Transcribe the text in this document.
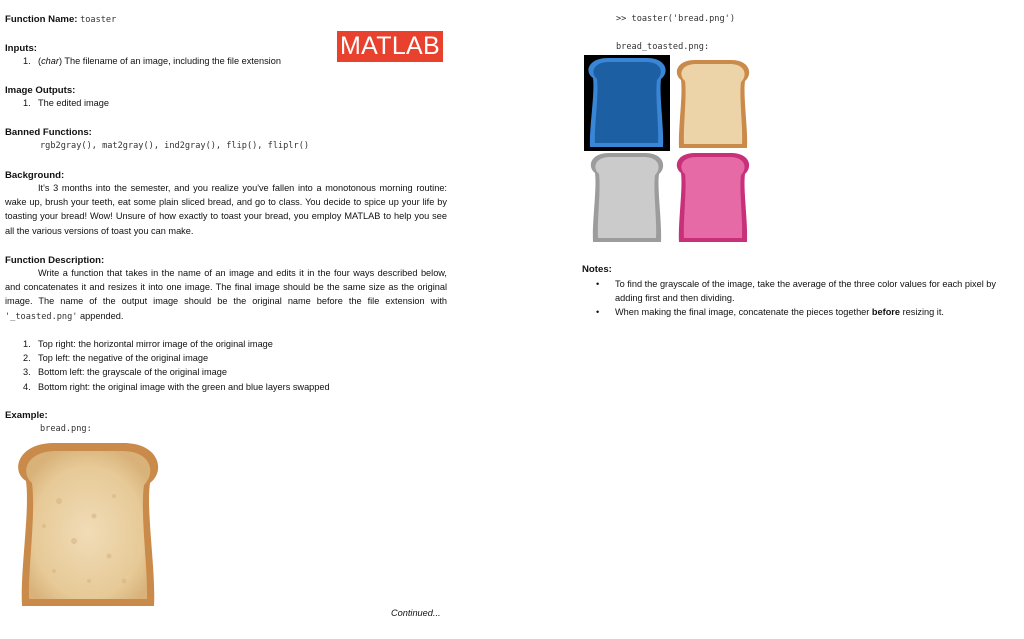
Function Name: toaster
MATLAB
Inputs:
1. (char) The filename of an image, including the file extension
Image Outputs:
1. The edited image
Banned Functions:
rgb2gray(), mat2gray(), ind2gray(), flip(), fliplr()
Background:
It's 3 months into the semester, and you realize you've fallen into a monotonous morning routine: wake up, brush your teeth, eat some plain sliced bread, and go to class. You decide to spice up your life by toasting your bread! Wow! Unsure of how exactly to toast your bread, you employ MATLAB to help you see all the various versions of toast you can make.
Function Description:
Write a function that takes in the name of an image and edits it in the four ways described below, and concatenates it and resizes it into one image. The final image should be the same size as the original image. The name of the output image should be the original name before the file extension with '_toasted.png' appended.
1. Top right: the horizontal mirror image of the original image
2. Top left: the negative of the original image
3. Bottom left: the grayscale of the original image
4. Bottom right: the original image with the green and blue layers swapped
Example:
bread.png:
Continued...
>> toaster('bread.png')
bread_toasted.png:
Notes:
• To find the grayscale of the image, take the average of the three color values for each pixel by adding first and then dividing.
• When making the final image, concatenate the pieces together before resizing it.
